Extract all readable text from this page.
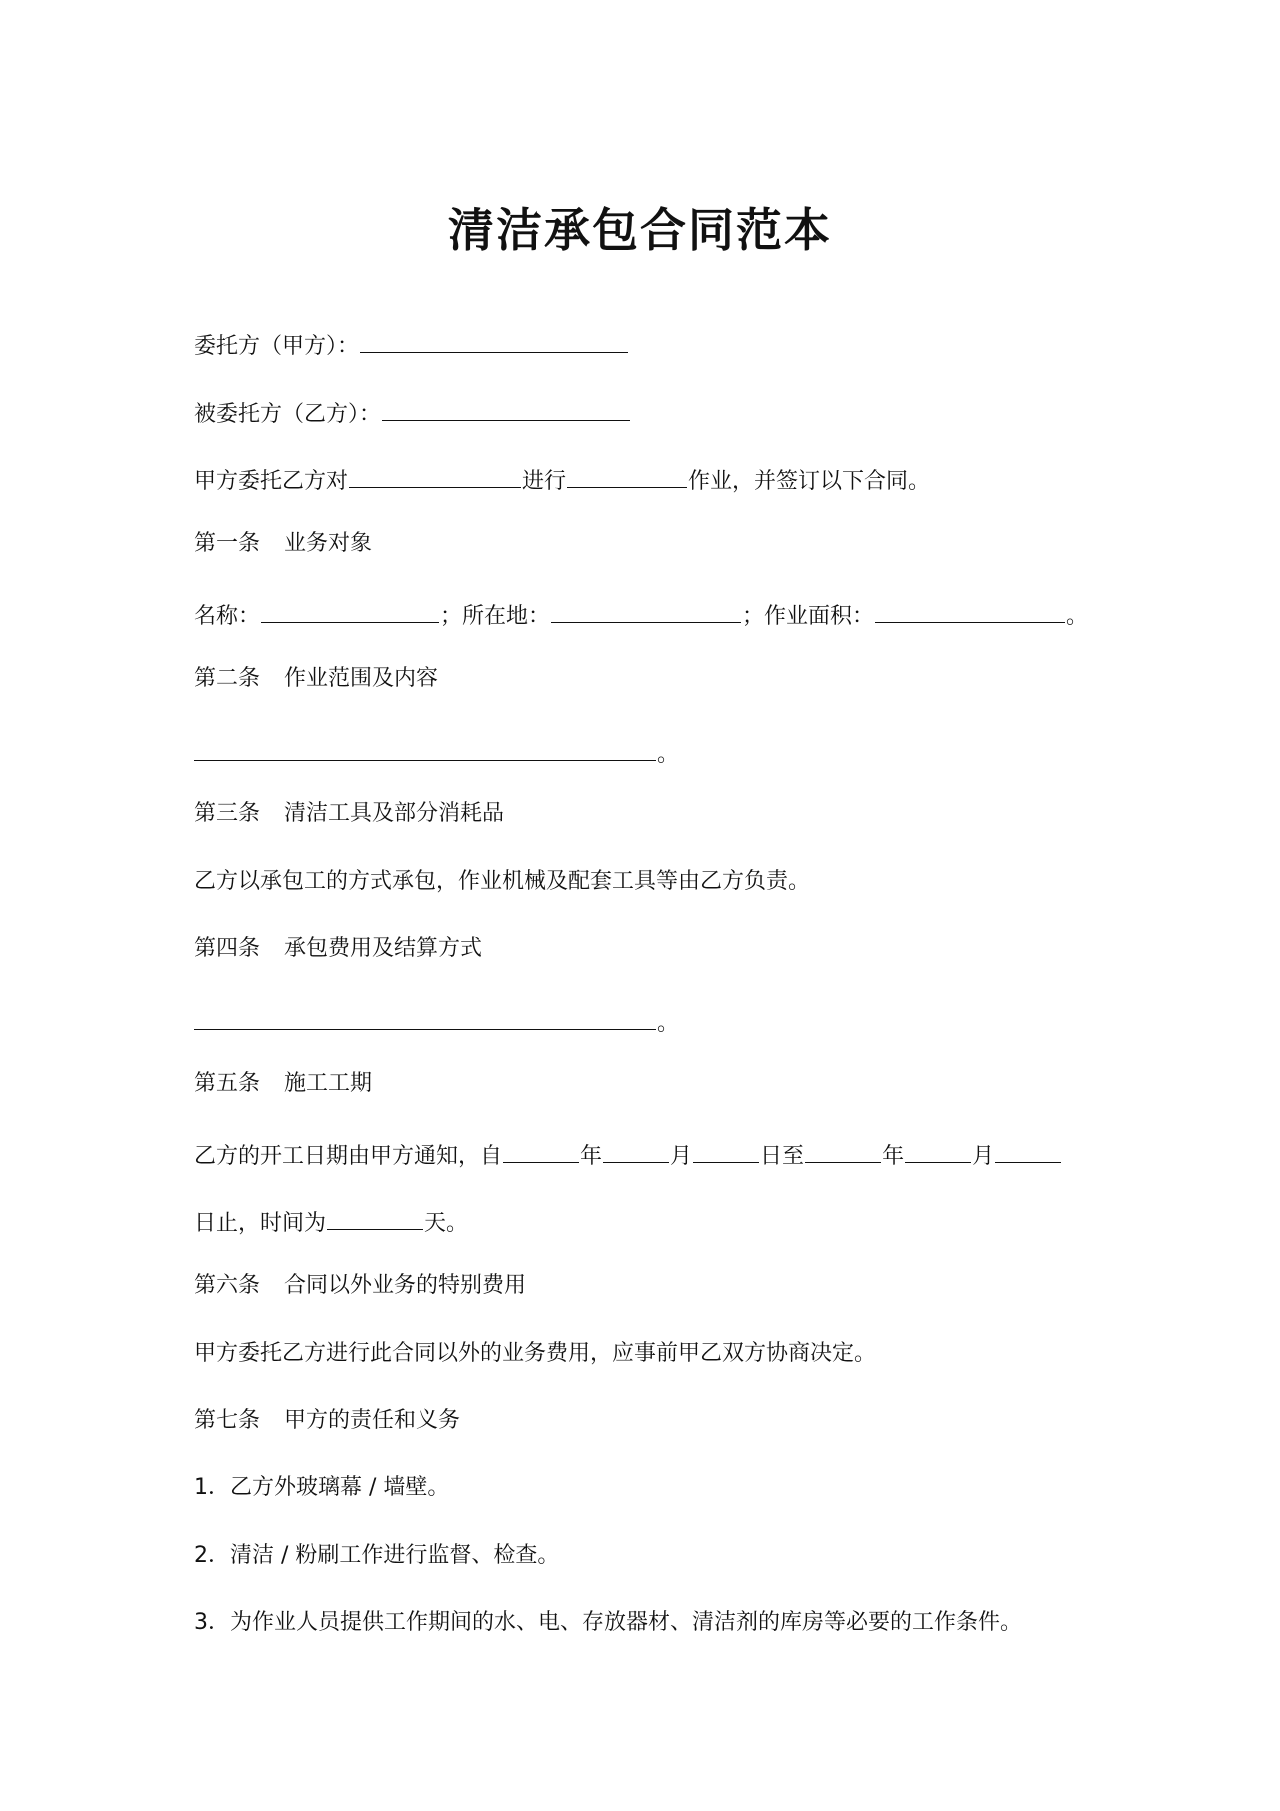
清洁承包合同范本
委托方（甲方）：
被委托方（乙方）：
甲方委托乙方对	进行	作业，并签订以下合同。
第一条 业务对象
名称：	；所在地：	；作业面积：	。
第二条 作业范围及内容
。
第三条 清洁工具及部分消耗品
乙方以承包工的方式承包，作业机械及配套工具等由乙方负责。
第四条 承包费用及结算方式
。
第五条 施工工期
乙方的开工日期由甲方通知，自	年	月	日至	年	月
日止，时间为	天。
第六条 合同以外业务的特别费用
甲方委托乙方进行此合同以外的业务费用，应事前甲乙双方协商决定。
第七条 甲方的责任和义务
1．乙方外玻璃幕 / 墙壁。
2．清洁 / 粉刷工作进行监督、检查。
3．为作业人员提供工作期间的水、电、存放器材、清洁剂的库房等必要的工作条件。
